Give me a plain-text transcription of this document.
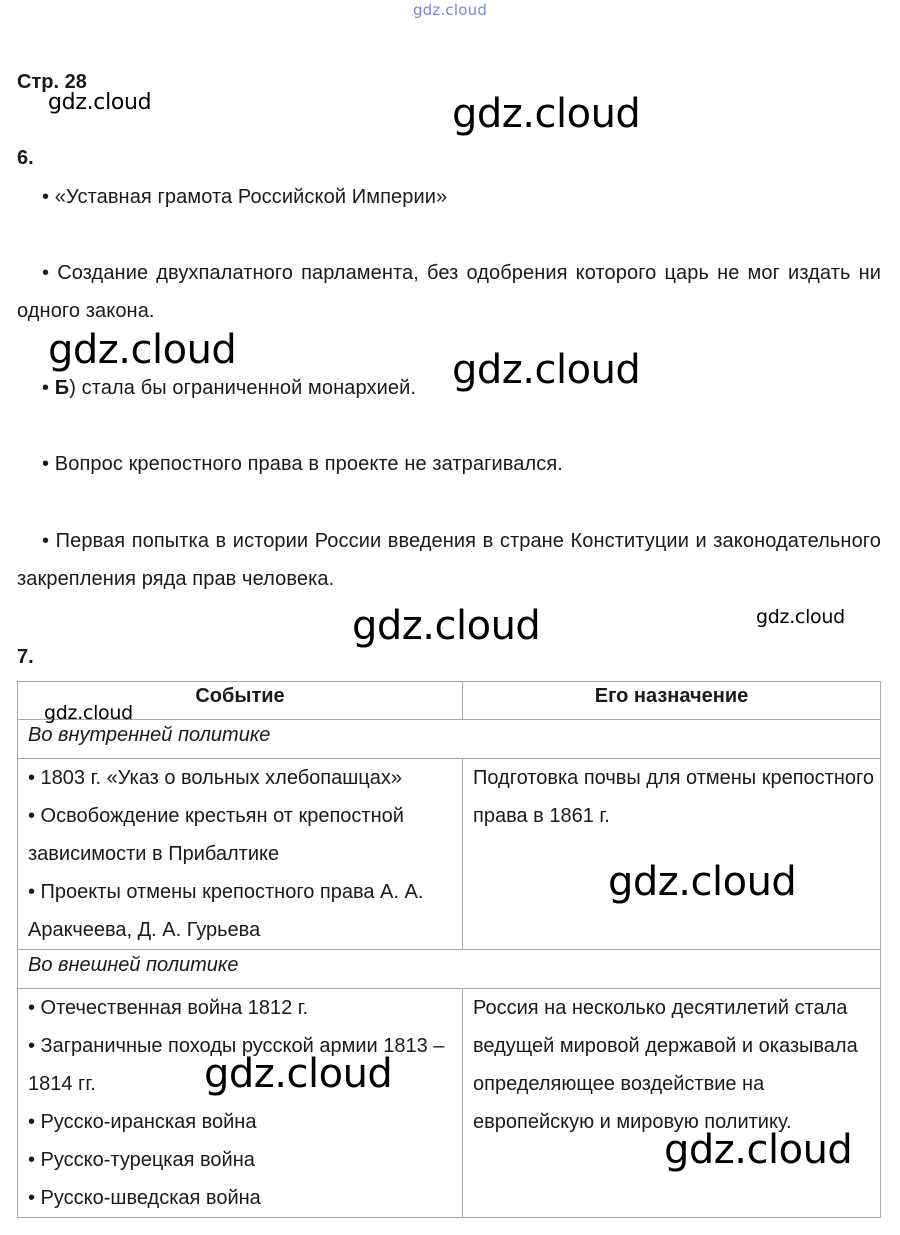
gdz.cloud
Стр. 28
6.
• «Уставная грамота Российской Империи»
• Создание двухпалатного парламента, без одобрения которого царь не мог издать ни одного закона.
• Б) стала бы ограниченной монархией.
• Вопрос крепостного права в проекте не затрагивался.
• Первая попытка в истории России введения в стране Конституции и законодательного закрепления ряда прав человека.
7.
Событие	Его назначение
Во внутренней политике	

• 1803 г. «Указ о вольных хлебопашцах»
• Освобождение крестьян от крепостной зависимости в Прибалтике
• Проекты отмены крепостного права А. А. Аракчеева, Д. А. Гурьева	Подготовка почвы для отмены крепостного права в 1861 г.
Во внешней политике	

• Отечественная война 1812 г.
• Заграничные походы русской армии 1813 – 1814 гг.
• Русско-иранская война
• Русско-турецкая война
• Русско-шведская война	Россия на несколько десятилетий стала ведущей мировой державой и оказывала определяющее воздействие на европейскую и мировую политику.
gdz.cloud	gdz.cloud
gdz.cloud	gdz.cloud
gdz.cloud	gdz.cloud
gdz.cloud
gdz.cloud
gdz.cloud
gdz.cloud
